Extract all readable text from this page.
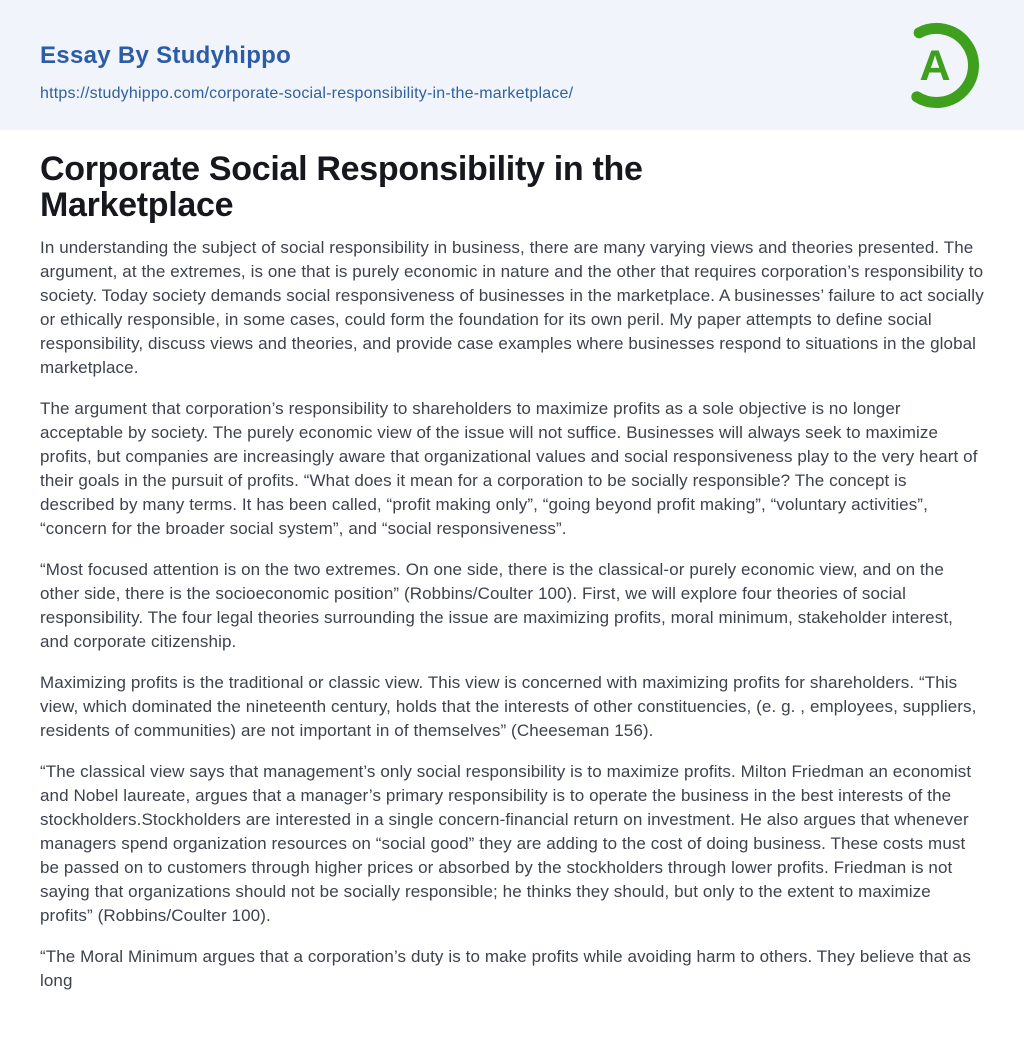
Essay By Studyhippo
https://studyhippo.com/corporate-social-responsibility-in-the-marketplace/
A
Corporate Social Responsibility in the Marketplace

In understanding the subject of social responsibility in business, there are many varying views and theories presented. The argument, at the extremes, is one that is purely economic in nature and the other that requires corporation’s responsibility to society. Today society demands social responsiveness of businesses in the marketplace. A businesses’ failure to act socially or ethically responsible, in some cases, could form the foundation for its own peril. My paper attempts to define social responsibility, discuss views and theories, and provide case examples where businesses respond to situations in the global marketplace.

The argument that corporation’s responsibility to shareholders to maximize profits as a sole objective is no longer acceptable by society. The purely economic view of the issue will not suffice. Businesses will always seek to maximize profits, but companies are increasingly aware that organizational values and social responsiveness play to the very heart of their goals in the pursuit of profits. “What does it mean for a corporation to be socially responsible? The concept is described by many terms. It has been called, “profit making only”, “going beyond profit making”, “voluntary activities”, “concern for the broader social system”, and “social responsiveness”.

“Most focused attention is on the two extremes. On one side, there is the classical-or purely economic view, and on the other side, there is the socioeconomic position” (Robbins/Coulter 100). First, we will explore four theories of social responsibility. The four legal theories surrounding the issue are maximizing profits, moral minimum, stakeholder interest, and corporate citizenship.

Maximizing profits is the traditional or classic view. This view is concerned with maximizing profits for shareholders. “This view, which dominated the nineteenth century, holds that the interests of other constituencies, (e. g. , employees, suppliers, residents of communities) are not important in of themselves” (Cheeseman 156).

“The classical view says that management’s only social responsibility is to maximize profits. Milton Friedman an economist and Nobel laureate, argues that a manager’s primary responsibility is to operate the business in the best interests of the stockholders.Stockholders are interested in a single concern-financial return on investment. He also argues that whenever managers spend organization resources on “social good” they are adding to the cost of doing business. These costs must be passed on to customers through higher prices or absorbed by the stockholders through lower profits. Friedman is not saying that organizations should not be socially responsible; he thinks they should, but only to the extent to maximize profits” (Robbins/Coulter 100).

“The Moral Minimum argues that a corporation’s duty is to make profits while avoiding harm to others. They believe that as long
